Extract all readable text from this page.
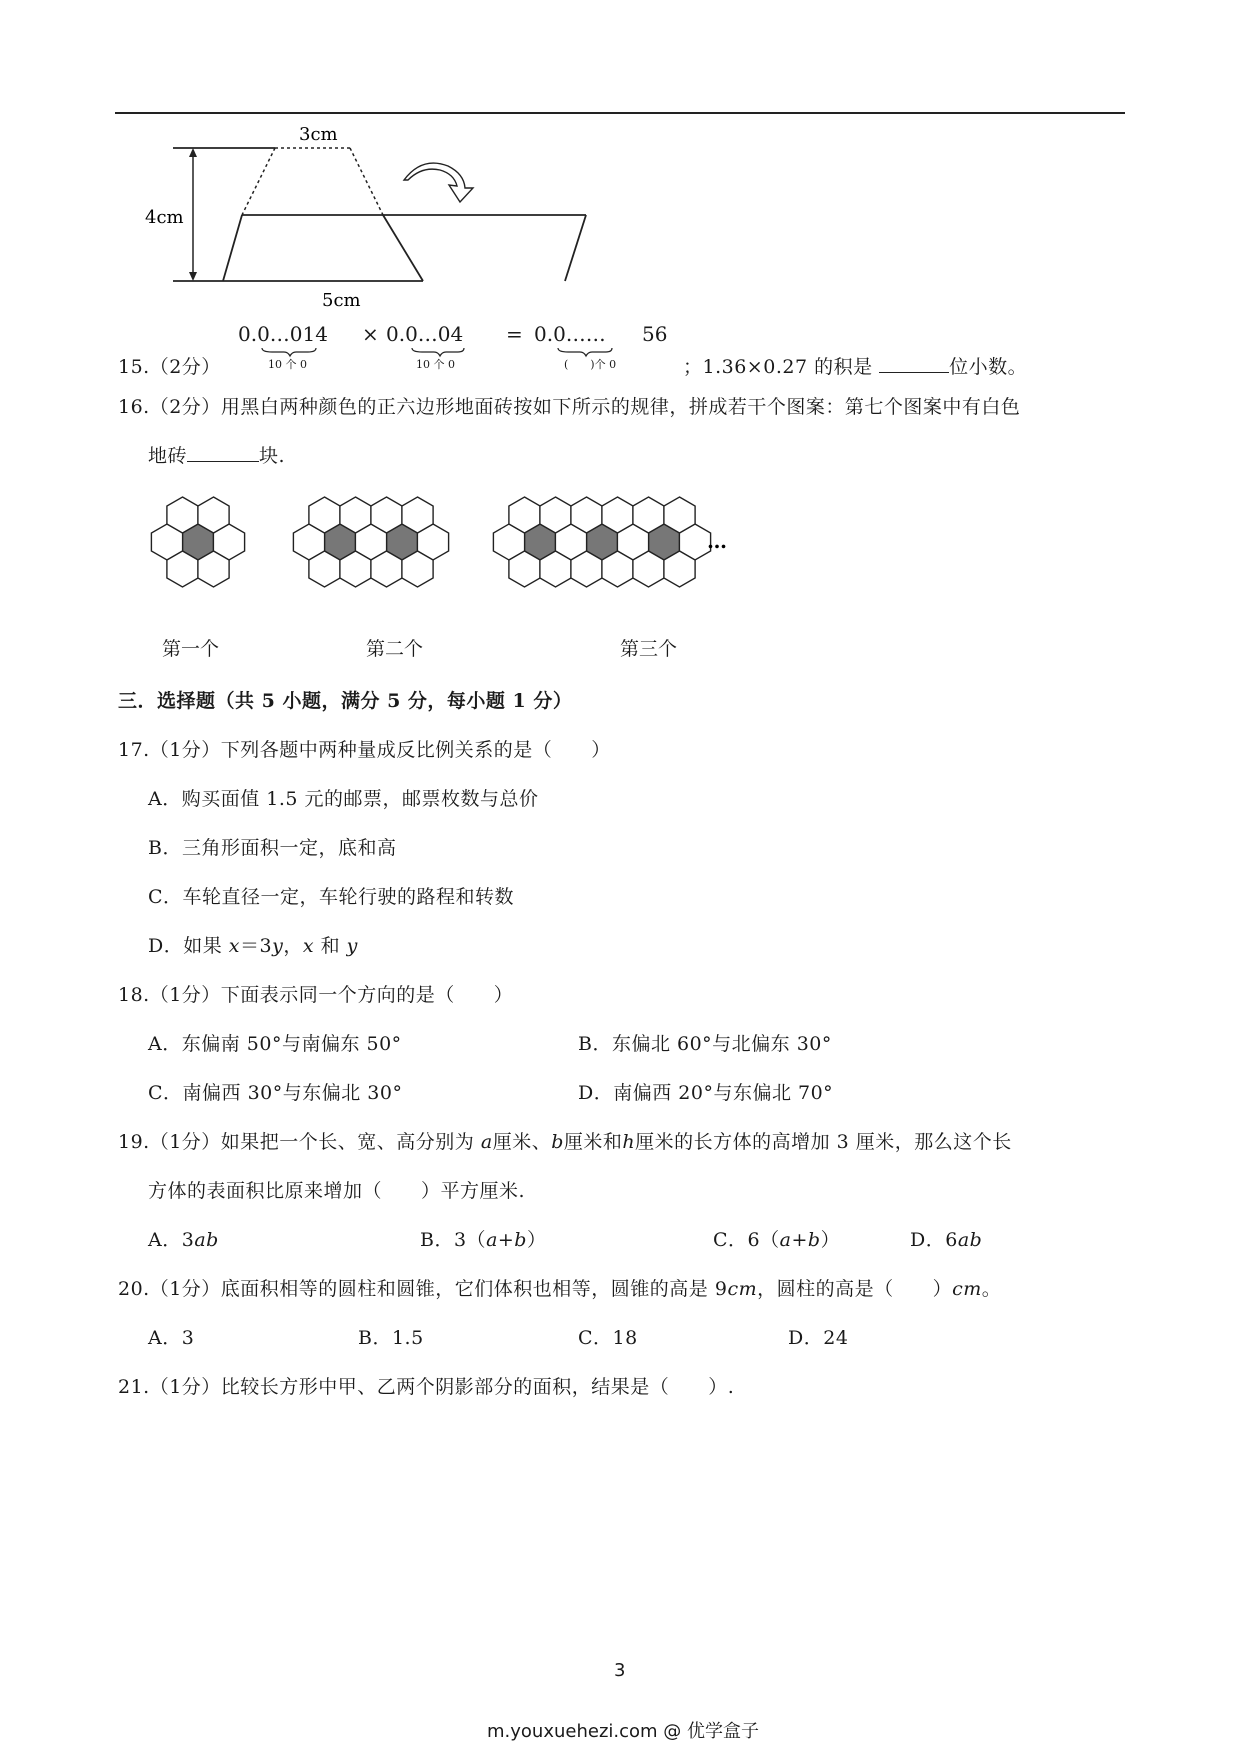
3cm
4cm
5cm
15.（2分）
0.0…014 × 0.0…04 = 0.0…… 56
10 个 0	10 个 0	(　　)个 0	；1.36×0.27 的积是	位小数。
16.（2分）用黑白两种颜色的正六边形地面砖按如下所示的规律，拼成若干个图案：第七个图案中有白色
地砖	块.
…
第一个	第二个	第三个
三．选择题（共 5 小题，满分 5 分，每小题 1 分）
17.（1分）下列各题中两种量成反比例关系的是（　　）
A．购买面值 1.5 元的邮票，邮票枚数与总价
B．三角形面积一定，底和高
C．车轮直径一定，车轮行驶的路程和转数
D．如果 x＝3y，x 和 y
18.（1分）下面表示同一个方向的是（　　）
A．东偏南 50°与南偏东 50°	B．东偏北 60°与北偏东 30°
C．南偏西 30°与东偏北 30°	D．南偏西 20°与东偏北 70°
19.（1分）如果把一个长、宽、高分别为 a厘米、b厘米和h厘米的长方体的高增加 3 厘米，那么这个长
方体的表面积比原来增加（　　）平方厘米.
A．3ab	B．3（a+b）	C．6（a+b）	D．6ab
20.（1分）底面积相等的圆柱和圆锥，它们体积也相等，圆锥的高是 9cm，圆柱的高是（　　）cm。
A．3	B．1.5	C．18	D．24
21.（1分）比较长方形中甲、乙两个阴影部分的面积，结果是（　　）.
3
m.youxuehezi.com @ 优学盒子
